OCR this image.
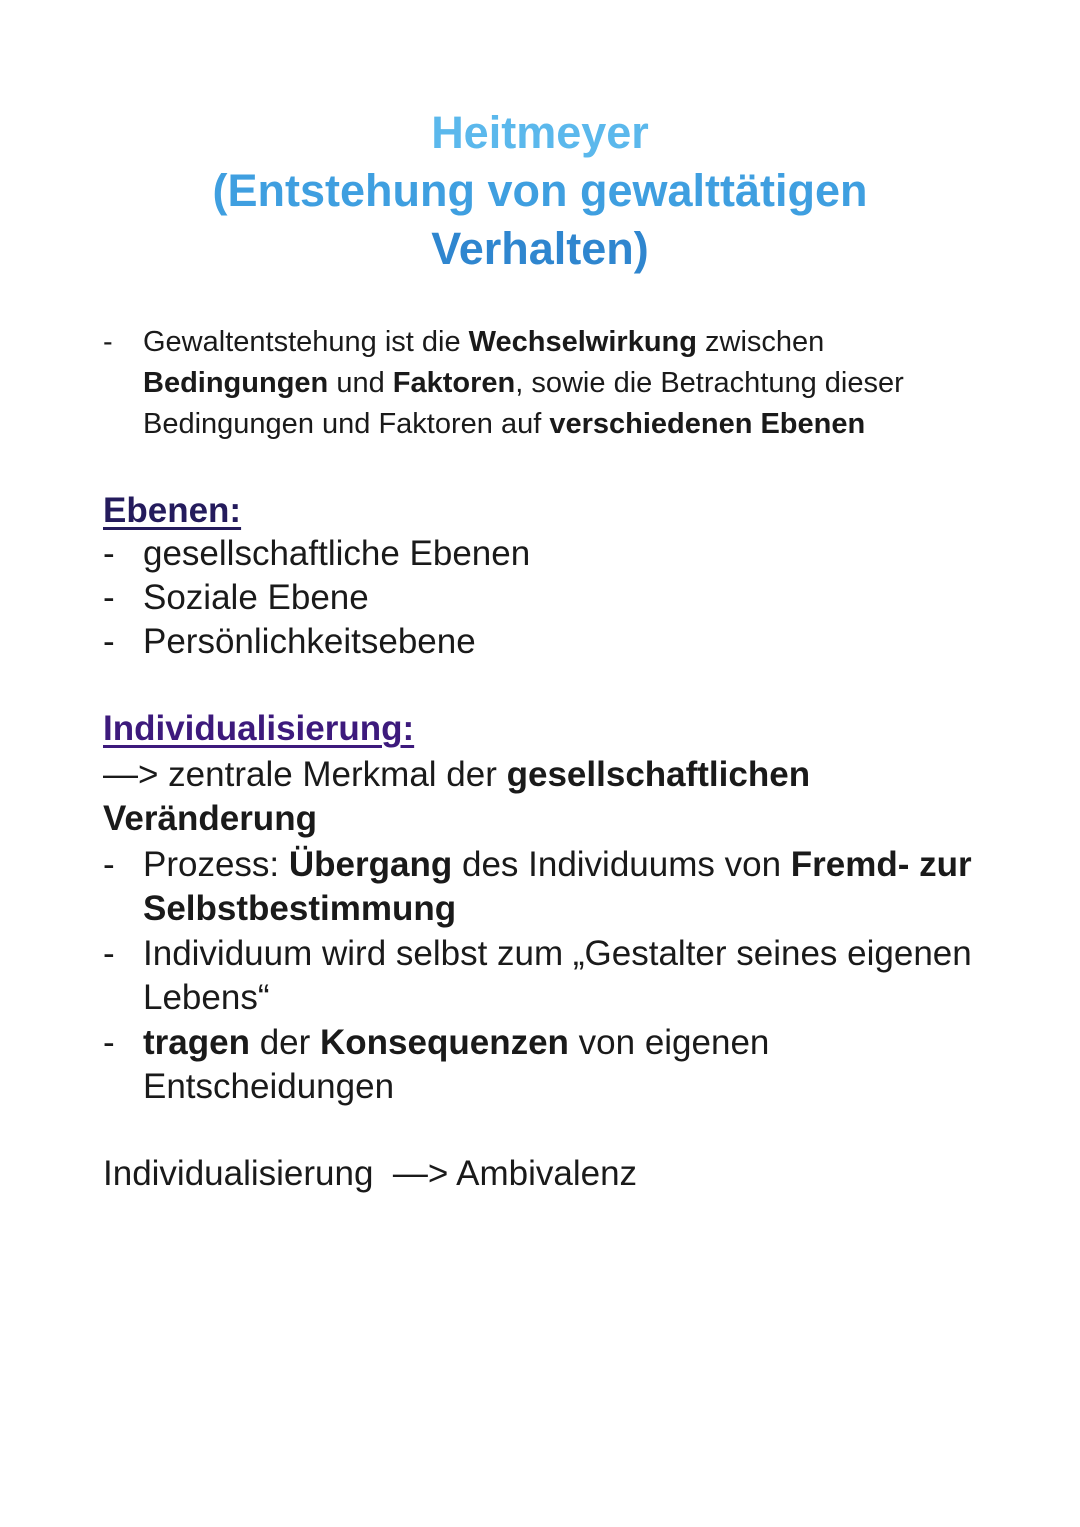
Heitmeyer
(Entstehung von gewalttätigen
Verhalten)
-	Gewaltentstehung ist die Wechselwirkung zwischen Bedingungen und Faktoren, sowie die Betrachtung dieser Bedingungen und Faktoren auf verschiedenen Ebenen
Ebenen:
- gesellschaftliche Ebenen
- Soziale Ebene
- Persönlichkeitsebene
Individualisierung:
—> zentrale Merkmal der gesellschaftlichen Veränderung
- Prozess: Übergang des Individuums von Fremd- zur Selbstbestimmung
- Individuum wird selbst zum „Gestalter seines eigenen Lebens“
- tragen der Konsequenzen von eigenen Entscheidungen
Individualisierung  —> Ambivalenz
